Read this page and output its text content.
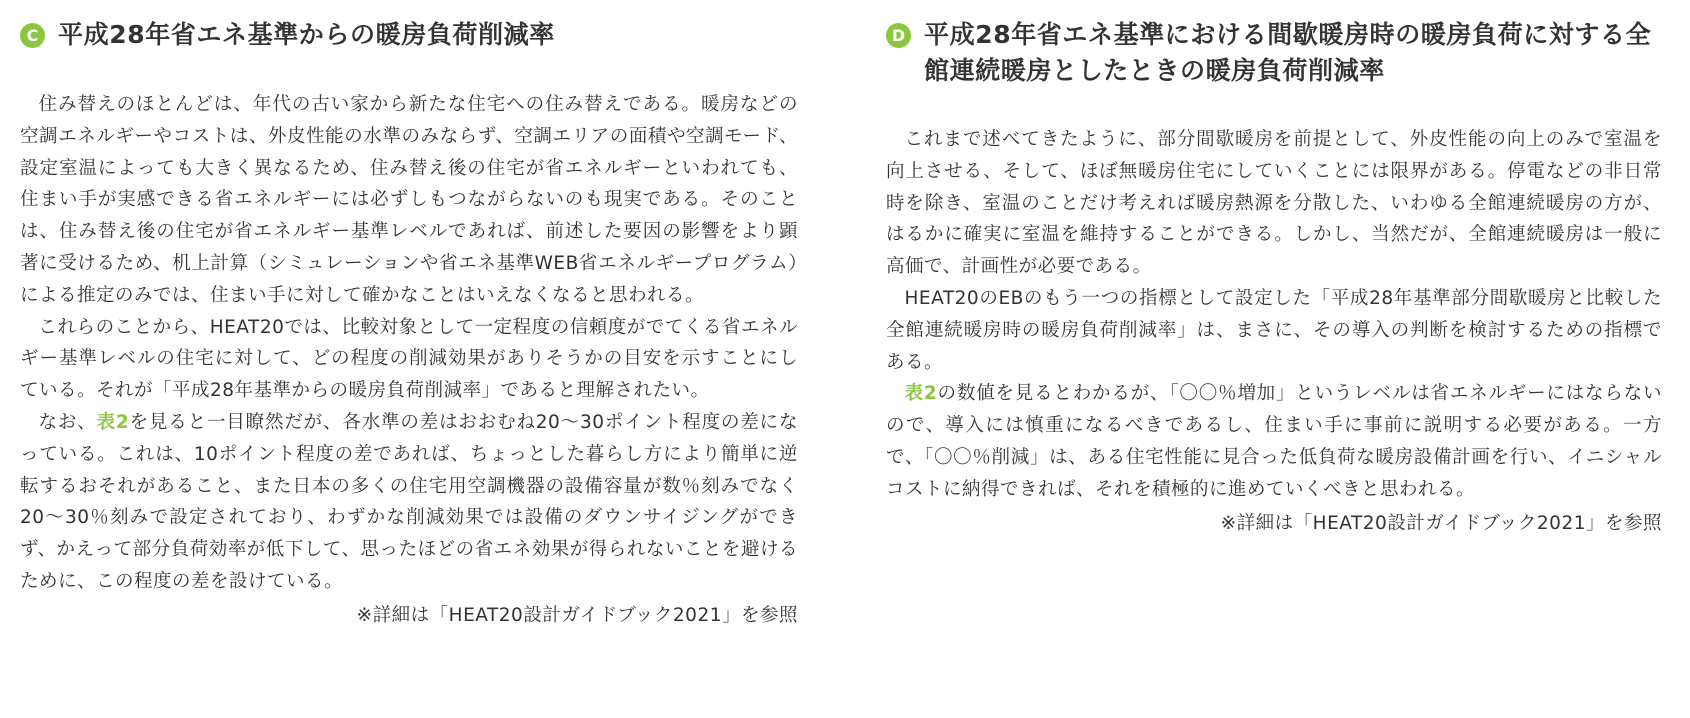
C 平成28年省エネ基準からの暖房負荷削減率

住み替えのほとんどは、年代の古い家から新たな住宅への住み替えである。暖房などの空調エネルギーやコストは、外皮性能の水準のみならず、空調エリアの面積や空調モード、設定室温によっても大きく異なるため、住み替え後の住宅が省エネルギーといわれても、住まい手が実感できる省エネルギーには必ずしもつながらないのも現実である。そのことは、住み替え後の住宅が省エネルギー基準レベルであれば、前述した要因の影響をより顕著に受けるため、机上計算（シミュレーションや省エネ基準WEB省エネルギープログラム）による推定のみでは、住まい手に対して確かなことはいえなくなると思われる。

これらのことから、HEAT20では、比較対象として一定程度の信頼度がでてくる省エネルギー基準レベルの住宅に対して、どの程度の削減効果がありそうかの目安を示すことにしている。それが「平成28年基準からの暖房負荷削減率」であると理解されたい。

なお、表2を見ると一目瞭然だが、各水準の差はおおむね20〜30ポイント程度の差になっている。これは、10ポイント程度の差であれば、ちょっとした暮らし方により簡単に逆転するおそれがあること、また日本の多くの住宅用空調機器の設備容量が数％刻みでなく20〜30％刻みで設定されており、わずかな削減効果では設備のダウンサイジングができず、かえって部分負荷効率が低下して、思ったほどの省エネ効果が得られないことを避けるために、この程度の差を設けている。

※詳細は「HEAT20設計ガイドブック2021」を参照
D 平成28年省エネ基準における間歇暖房時の暖房負荷に対する全館連続暖房としたときの暖房負荷削減率

これまで述べてきたように、部分間歇暖房を前提として、外皮性能の向上のみで室温を向上させる、そして、ほぼ無暖房住宅にしていくことには限界がある。停電などの非日常時を除き、室温のことだけ考えれば暖房熱源を分散した、いわゆる全館連続暖房の方が、はるかに確実に室温を維持することができる。しかし、当然だが、全館連続暖房は一般に高価で、計画性が必要である。

HEAT20のEBのもう一つの指標として設定した「平成28年基準部分間歇暖房と比較した全館連続暖房時の暖房負荷削減率」は、まさに、その導入の判断を検討するための指標である。

表2の数値を見るとわかるが、「〇〇％増加」というレベルは省エネルギーにはならないので、導入には慎重になるべきであるし、住まい手に事前に説明する必要がある。一方で、「〇〇％削減」は、ある住宅性能に見合った低負荷な暖房設備計画を行い、イニシャルコストに納得できれば、それを積極的に進めていくべきと思われる。

※詳細は「HEAT20設計ガイドブック2021」を参照
